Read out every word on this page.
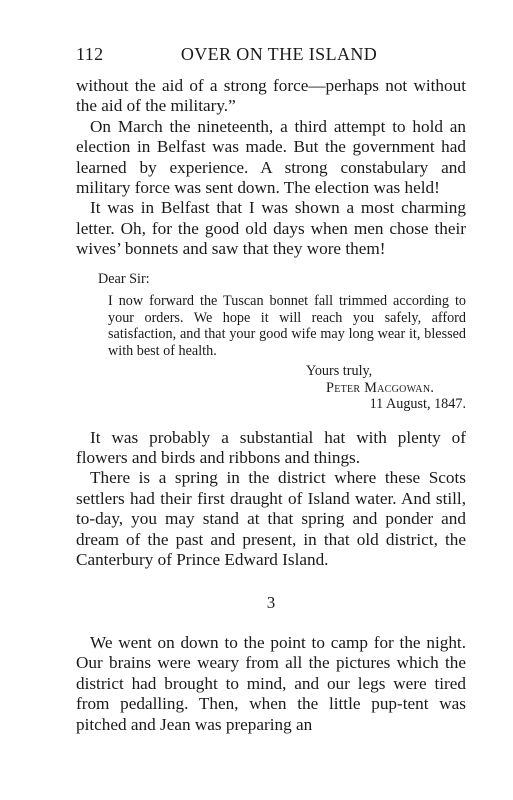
112	OVER ON THE ISLAND

without the aid of a strong force—perhaps not without the aid of the military.”

On March the nineteenth, a third attempt to hold an election in Belfast was made. But the government had learned by experience. A strong constabulary and military force was sent down. The election was held!

It was in Belfast that I was shown a most charming letter. Oh, for the good old days when men chose their wives’ bonnets and saw that they wore them!

Dear Sir:

I now forward the Tuscan bonnet fall trimmed according to your orders. We hope it will reach you safely, afford satisfaction, and that your good wife may long wear it, blessed with best of health.

Yours truly,
Peter Macgowan.
11 August, 1847.

It was probably a substantial hat with plenty of flowers and birds and ribbons and things.

There is a spring in the district where these Scots settlers had their first draught of Island water. And still, to-day, you may stand at that spring and ponder and dream of the past and present, in that old district, the Canterbury of Prince Edward Island.

3

We went on down to the point to camp for the night. Our brains were weary from all the pictures which the district had brought to mind, and our legs were tired from pedalling. Then, when the little pup-tent was pitched and Jean was preparing an
